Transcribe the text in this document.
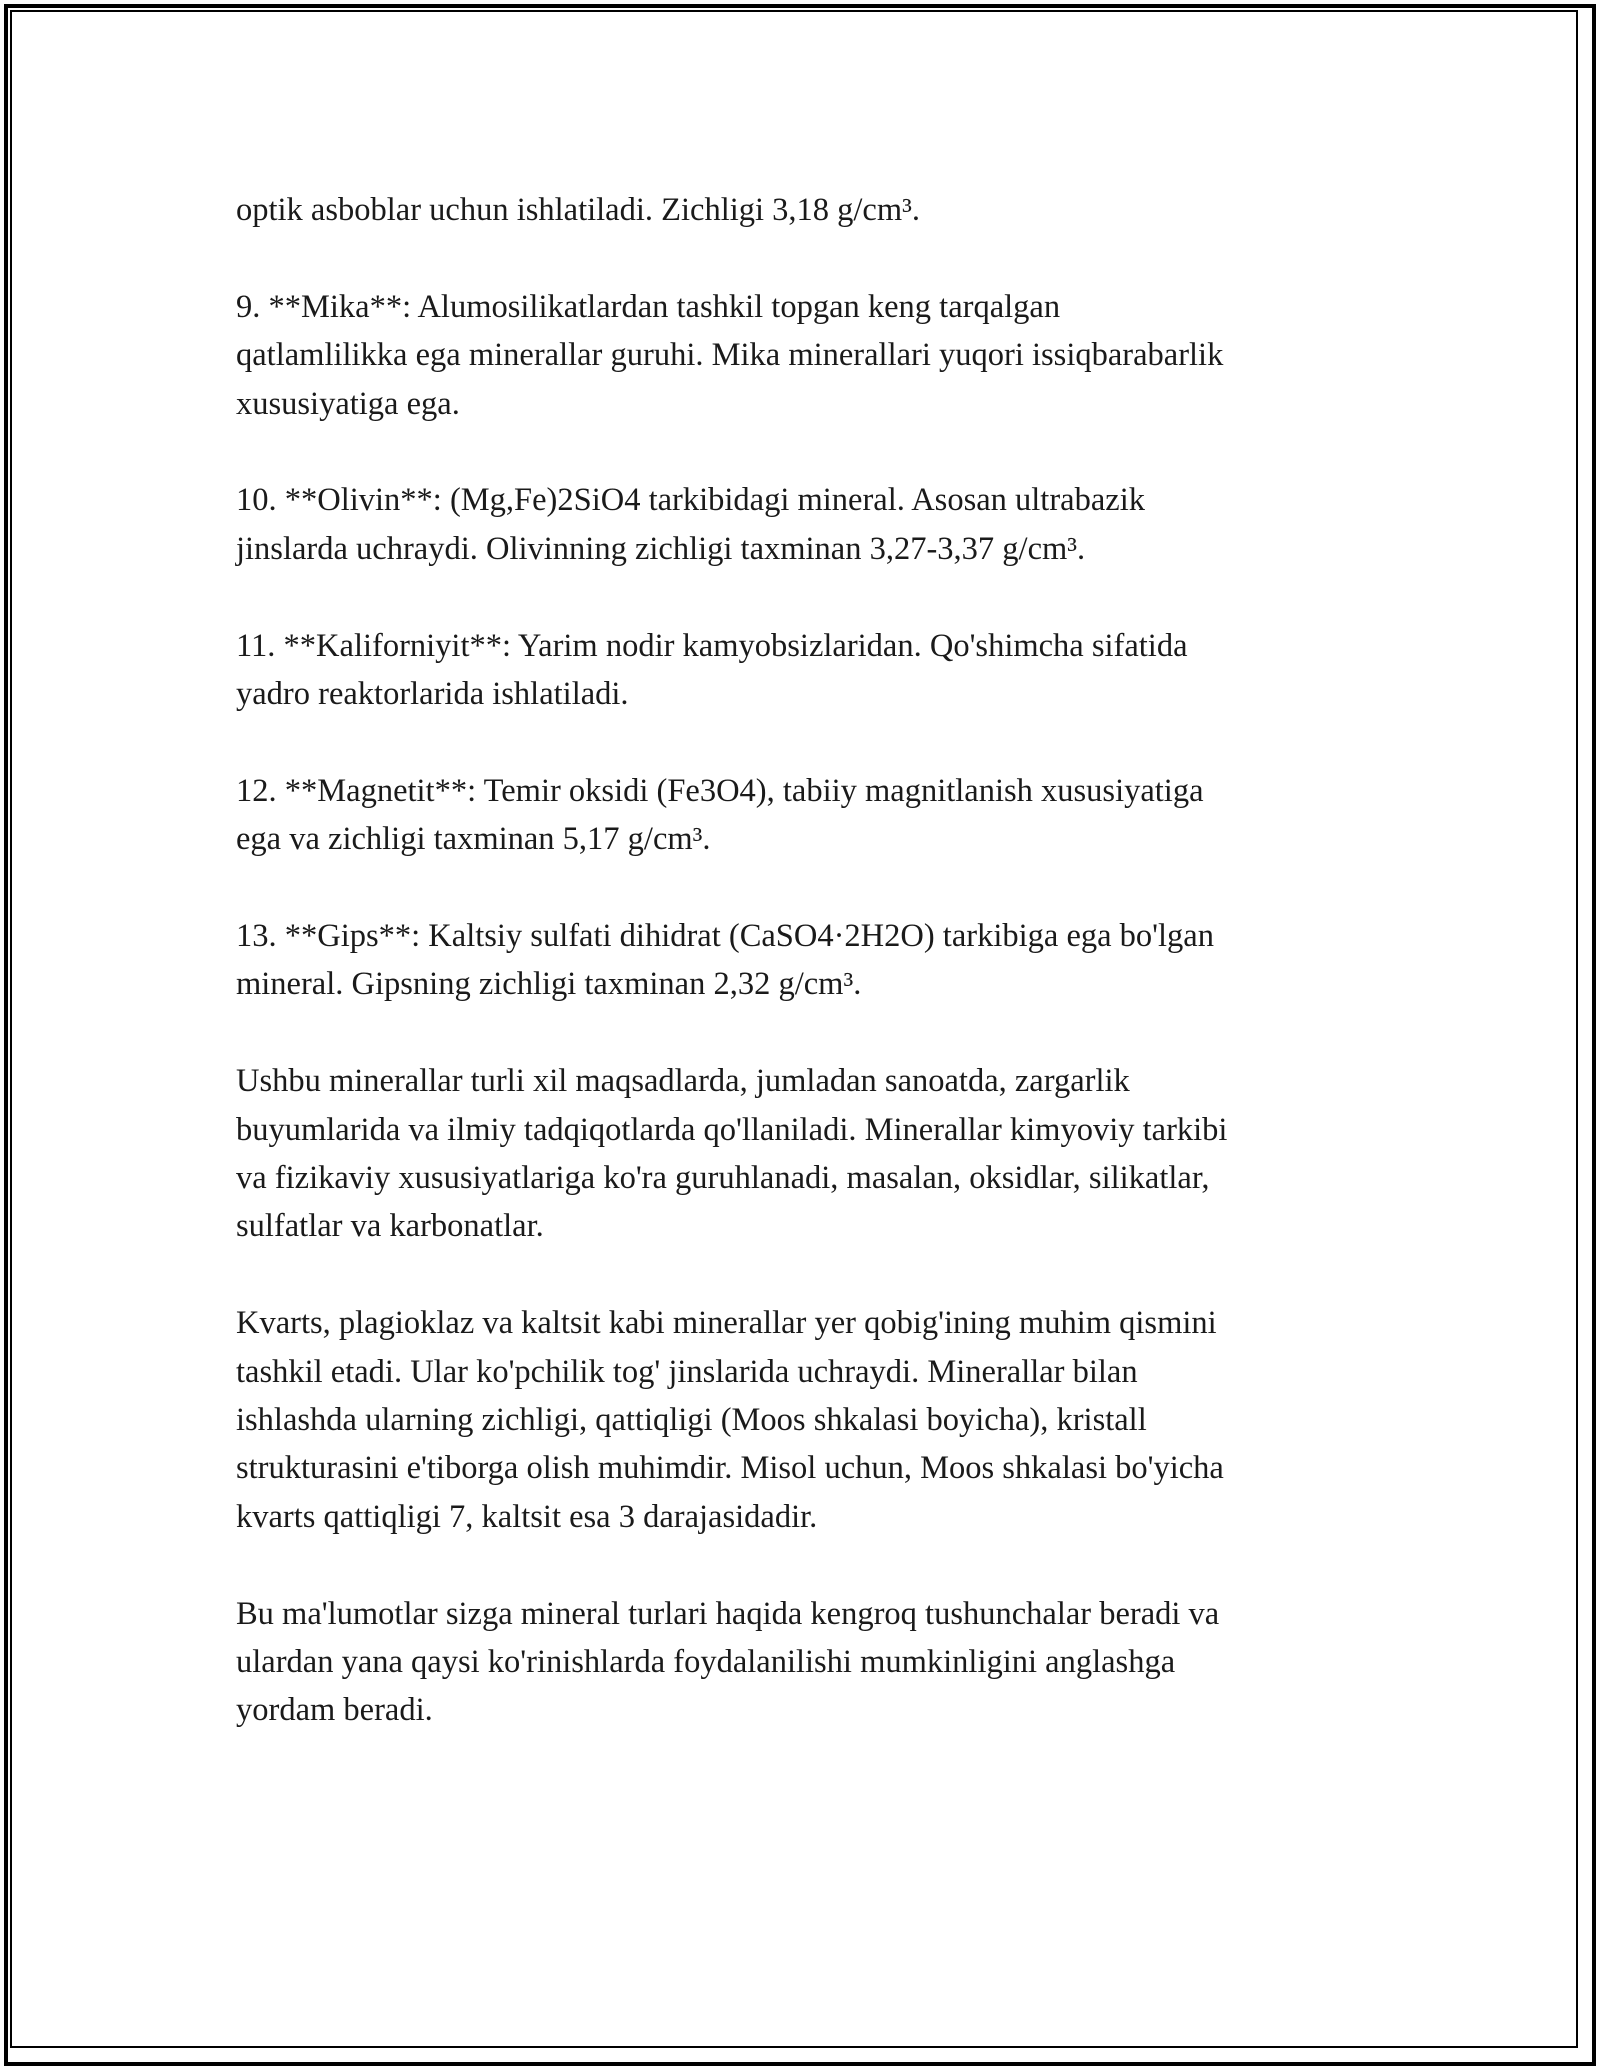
optik asboblar uchun ishlatiladi. Zichligi 3,18 g/cm³.

9. **Mika**: Alumosilikatlardan tashkil topgan keng tarqalgan
qatlamlilikka ega minerallar guruhi. Mika minerallari yuqori issiqbarabarlik
xususiyatiga ega.

10. **Olivin**: (Mg,Fe)2SiO4 tarkibidagi mineral. Asosan ultrabazik
jinslarda uchraydi. Olivinning zichligi taxminan 3,27-3,37 g/cm³.

11. **Kaliforniyit**: Yarim nodir kamyobsizlaridan. Qo'shimcha sifatida
yadro reaktorlarida ishlatiladi.

12. **Magnetit**: Temir oksidi (Fe3O4), tabiiy magnitlanish xususiyatiga
ega va zichligi taxminan 5,17 g/cm³.

13. **Gips**: Kaltsiy sulfati dihidrat (CaSO4·2H2O) tarkibiga ega bo'lgan
mineral. Gipsning zichligi taxminan 2,32 g/cm³.

Ushbu minerallar turli xil maqsadlarda, jumladan sanoatda, zargarlik
buyumlarida va ilmiy tadqiqotlarda qo'llaniladi. Minerallar kimyoviy tarkibi
va fizikaviy xususiyatlariga ko'ra guruhlanadi, masalan, oksidlar, silikatlar,
sulfatlar va karbonatlar.

Kvarts, plagioklaz va kaltsit kabi minerallar yer qobig'ining muhim qismini
tashkil etadi. Ular ko'pchilik tog' jinslarida uchraydi. Minerallar bilan
ishlashda ularning zichligi, qattiqligi (Moos shkalasi boyicha), kristall
strukturasini e'tiborga olish muhimdir. Misol uchun, Moos shkalasi bo'yicha
kvarts qattiqligi 7, kaltsit esa 3 darajasidadir.

Bu ma'lumotlar sizga mineral turlari haqida kengroq tushunchalar beradi va
ulardan yana qaysi ko'rinishlarda foydalanilishi mumkinligini anglashga
yordam beradi.
